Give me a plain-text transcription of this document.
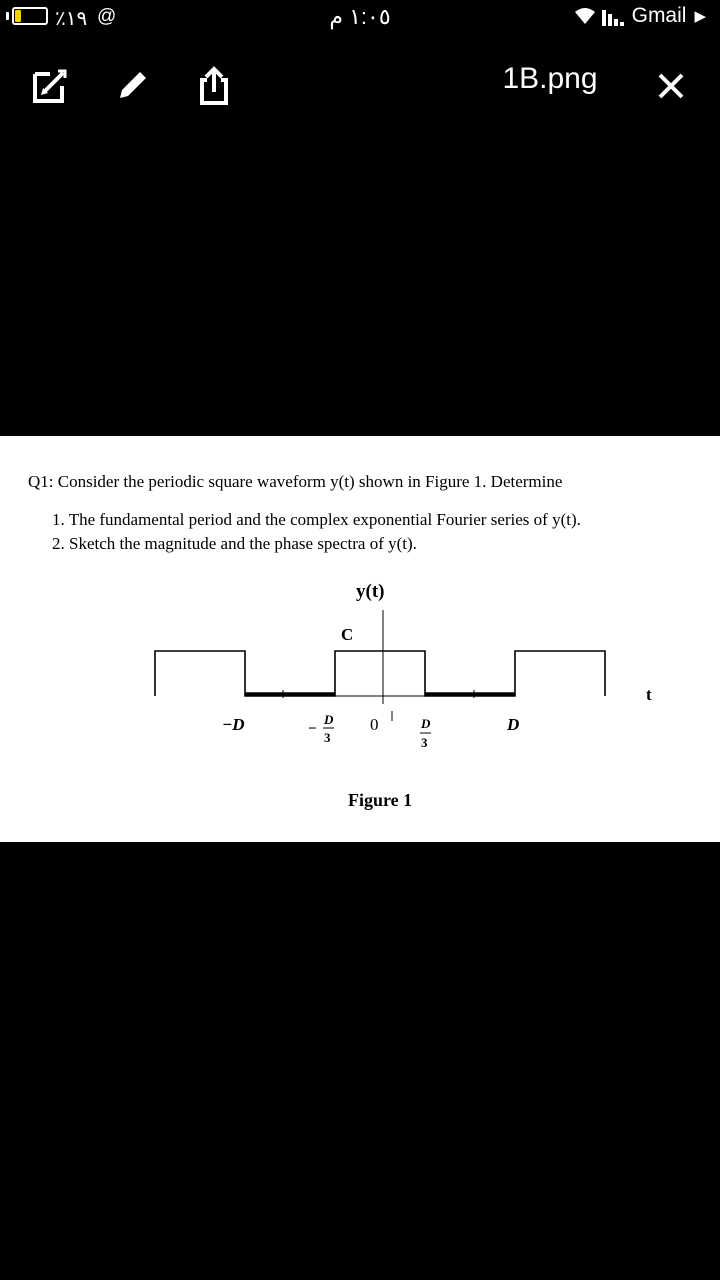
٪١٩ @	١:٠٥ م	Gmail ▶
1B.png
Q1: Consider the periodic square waveform y(t) shown in Figure 1. Determine
1. The fundamental period and the complex exponential Fourier series of y(t).
2. Sketch the magnitude and the phase spectra of y(t).
y(t)
C
t
−D	−
D
3
0	D
3
D
Figure 1
